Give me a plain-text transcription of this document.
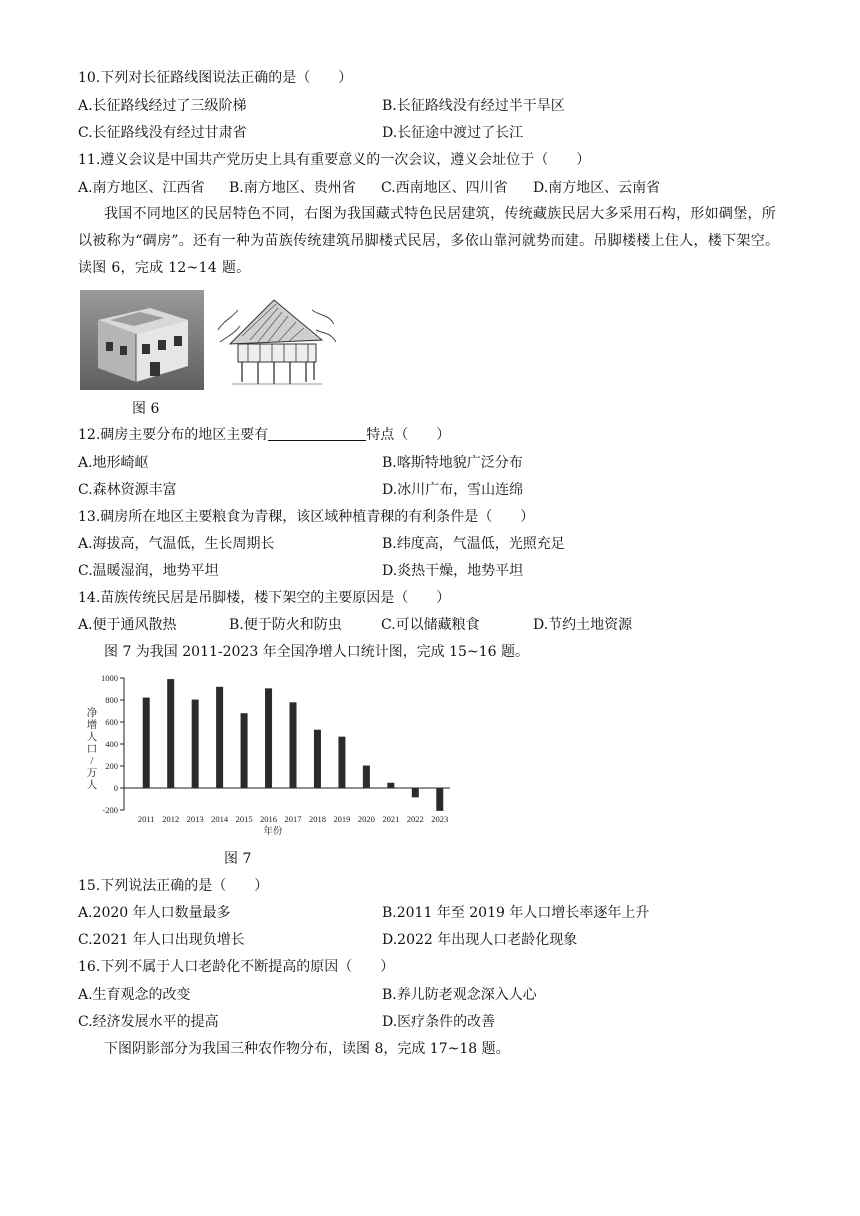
10.下列对长征路线图说法正确的是（　　）
A.长征路线经过了三级阶梯	B.长征路线没有经过半干旱区
C.长征路线没有经过甘肃省	D.长征途中渡过了长江
11.遵义会议是中国共产党历史上具有重要意义的一次会议，遵义会址位于（　　）
A.南方地区、江西省 B.南方地区、贵州省 C.西南地区、四川省 D.南方地区、云南省
我国不同地区的民居特色不同，右图为我国藏式特色民居建筑，传统藏族民居大多采用石构，形如碉堡，所以被称为“碉房”。还有一种为苗族传统建筑吊脚楼式民居，多依山靠河就势而建。吊脚楼楼上住人，楼下架空。读图 6，完成 12~14 题。
图 6
12.碉房主要分布的地区主要有	特点（　　）
A.地形崎岖	B.喀斯特地貌广泛分布
C.森林资源丰富	D.冰川广布，雪山连绵
13.碉房所在地区主要粮食为青稞，该区域种植青稞的有利条件是（　　）
A.海拔高，气温低，生长周期长	B.纬度高，气温低，光照充足
C.温暖湿润，地势平坦	D.炎热干燥，地势平坦
14.苗族传统民居是吊脚楼，楼下架空的主要原因是（　　）
A.便于通风散热	B.便于防火和防虫	C.可以储藏粮食	D.节约土地资源
图 7 为我国 2011-2023 年全国净增人口统计图，完成 15~16 题。
1000
800
600
400
200
0
-200
净
增
人
口
/
万
人
2011 2012 2013 2014 2015 2016 2017 2018 2019 2020 2021 2022 2023
年份
图 7
15.下列说法正确的是（　　）
A.2020 年人口数量最多	B.2011 年至 2019 年人口增长率逐年上升
C.2021 年人口出现负增长	D.2022 年出现人口老龄化现象
16.下列不属于人口老龄化不断提高的原因（　　）
A.生育观念的改变	B.养儿防老观念深入人心
C.经济发展水平的提高	D.医疗条件的改善
下图阴影部分为我国三种农作物分布，读图 8，完成 17~18 题。
